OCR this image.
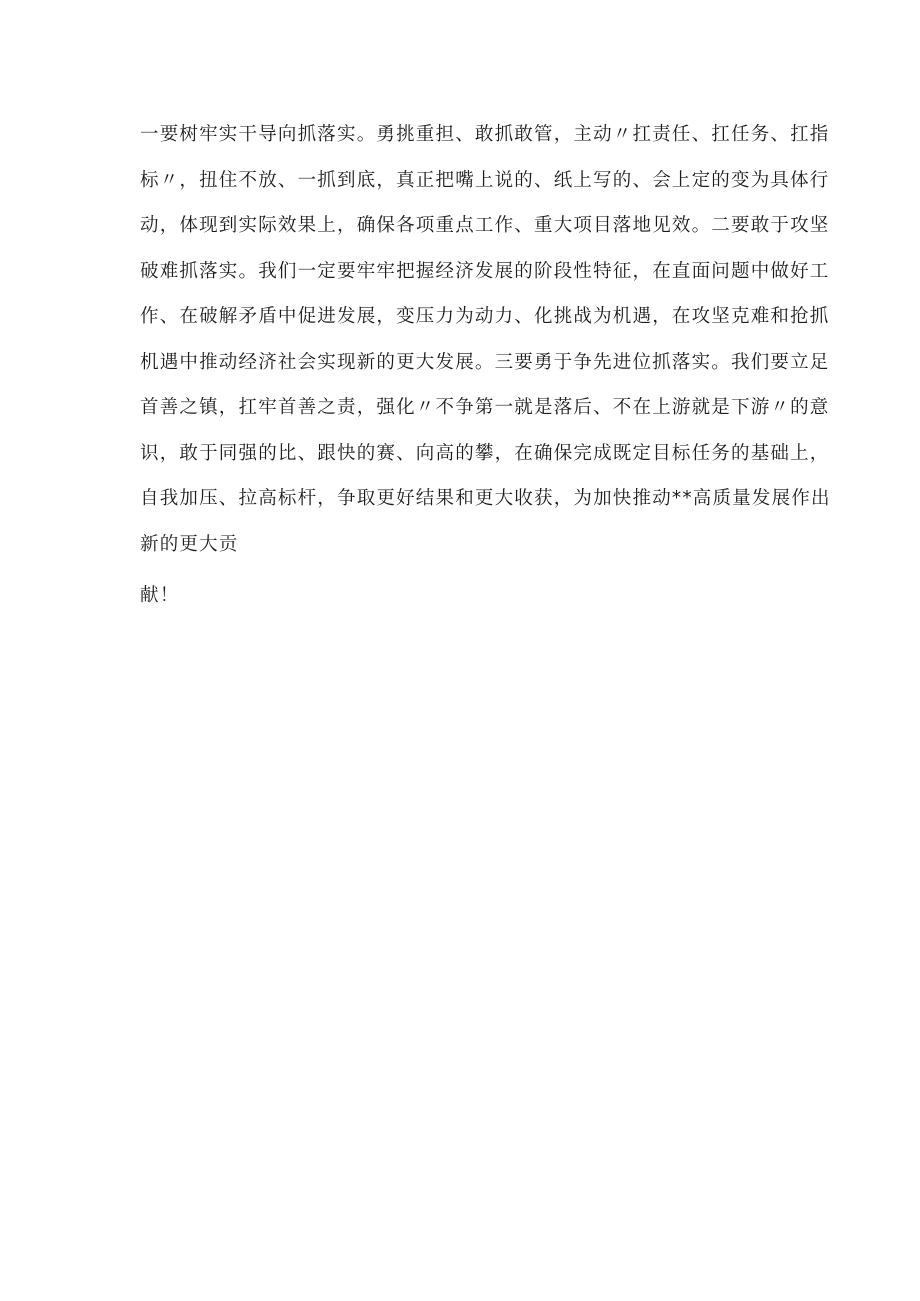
一要树牢实干导向抓落实。勇挑重担、敢抓敢管，主动〃扛责任、扛任务、扛指
标〃，扭住不放、一抓到底，真正把嘴上说的、纸上写的、会上定的变为具体行
动，体现到实际效果上，确保各项重点工作、重大项目落地见效。二要敢于攻坚
破难抓落实。我们一定要牢牢把握经济发展的阶段性特征，在直面问题中做好工
作、在破解矛盾中促进发展，变压力为动力、化挑战为机遇，在攻坚克难和抢抓
机遇中推动经济社会实现新的更大发展。三要勇于争先进位抓落实。我们要立足
首善之镇，扛牢首善之责，强化〃不争第一就是落后、不在上游就是下游〃的意
识，敢于同强的比、跟快的赛、向高的攀，在确保完成既定目标任务的基础上，
自我加压、拉高标杆，争取更好结果和更大收获，为加快推动**高质量发展作出
新的更大贡
献！
